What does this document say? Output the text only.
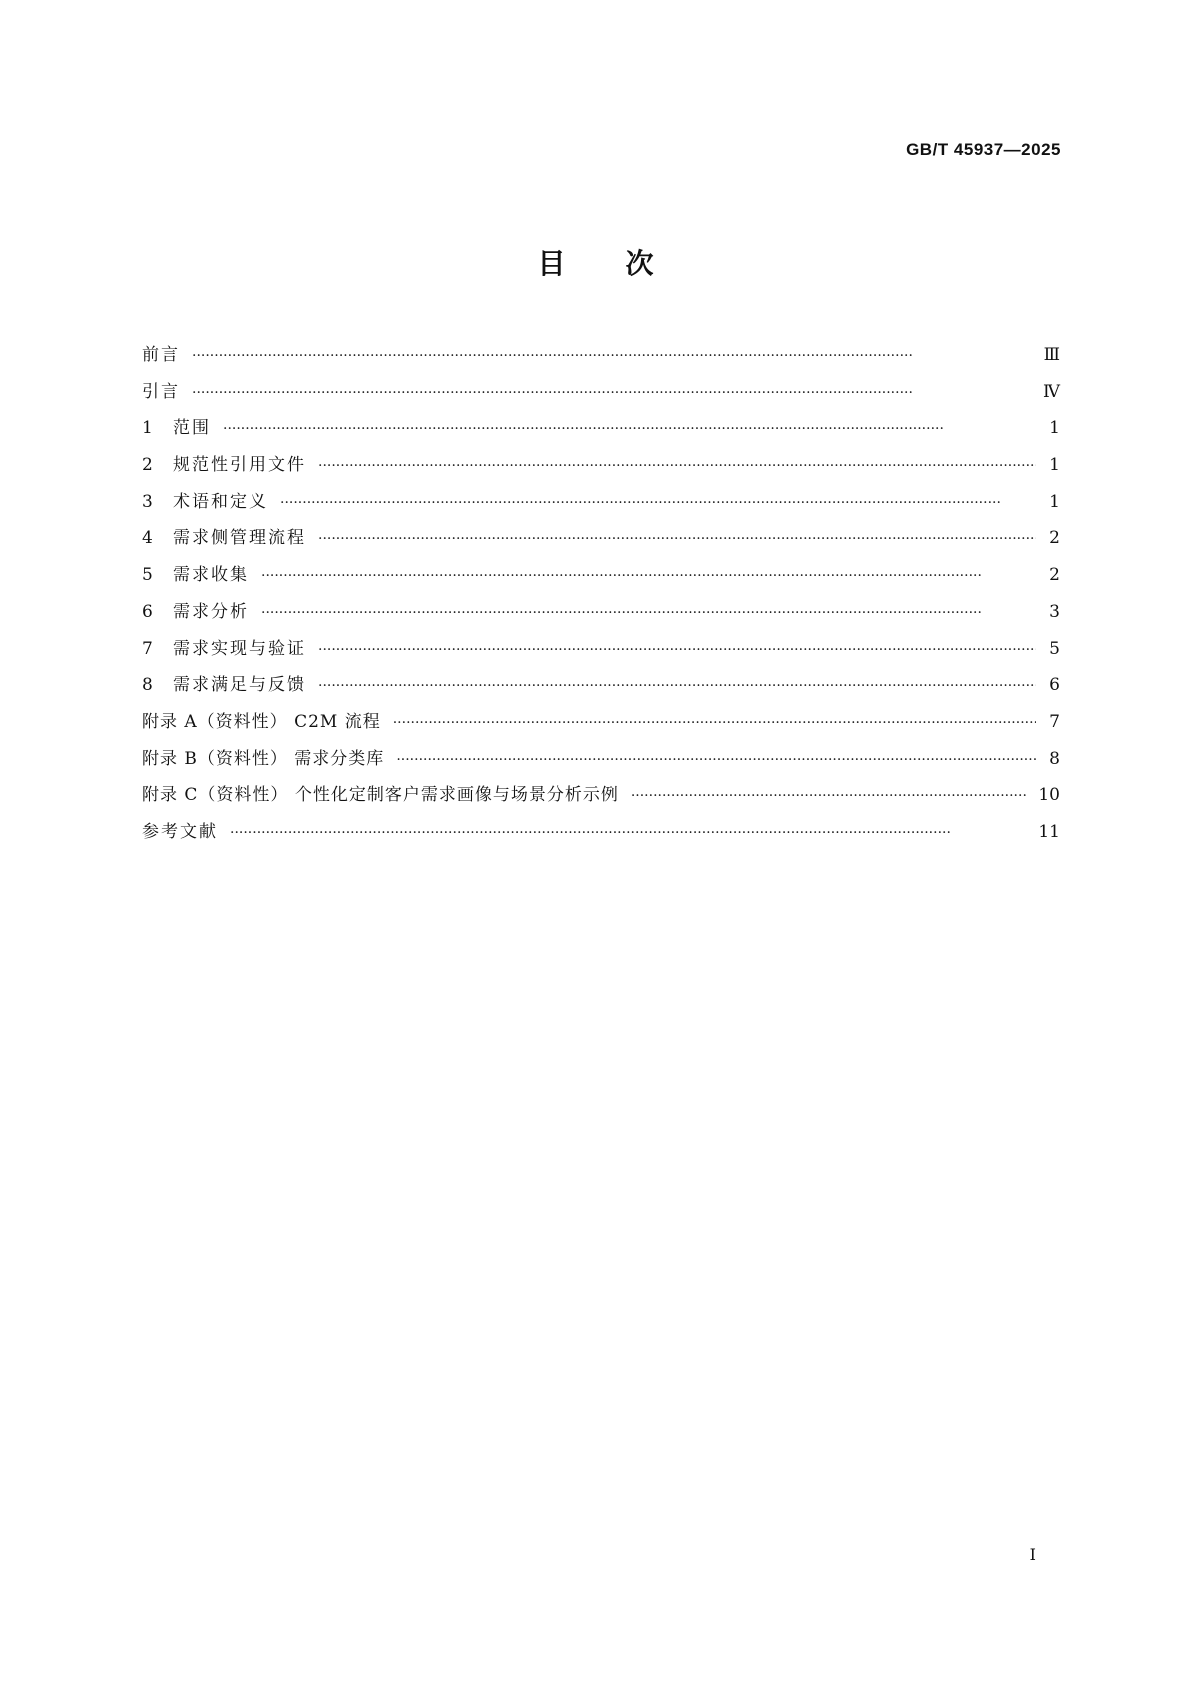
GB/T 45937—2025
目 次
前言 ·····	Ⅲ
引言 ·····	Ⅳ
1	范围 ·····	1
2	规范性引用文件 ·····	1
3	术语和定义 ·····	1
4	需求侧管理流程 ·····	2
5	需求收集 ·····	2
6	需求分析 ·····	3
7	需求实现与验证 ·····	5
8	需求满足与反馈 ·····	6
附录 A（资料性） C2M 流程 ·····	7
附录 B（资料性） 需求分类库 ·····	8
附录 C（资料性） 个性化定制客户需求画像与场景分析示例 ·····	10
参考文献 ·····	11
Ⅰ
